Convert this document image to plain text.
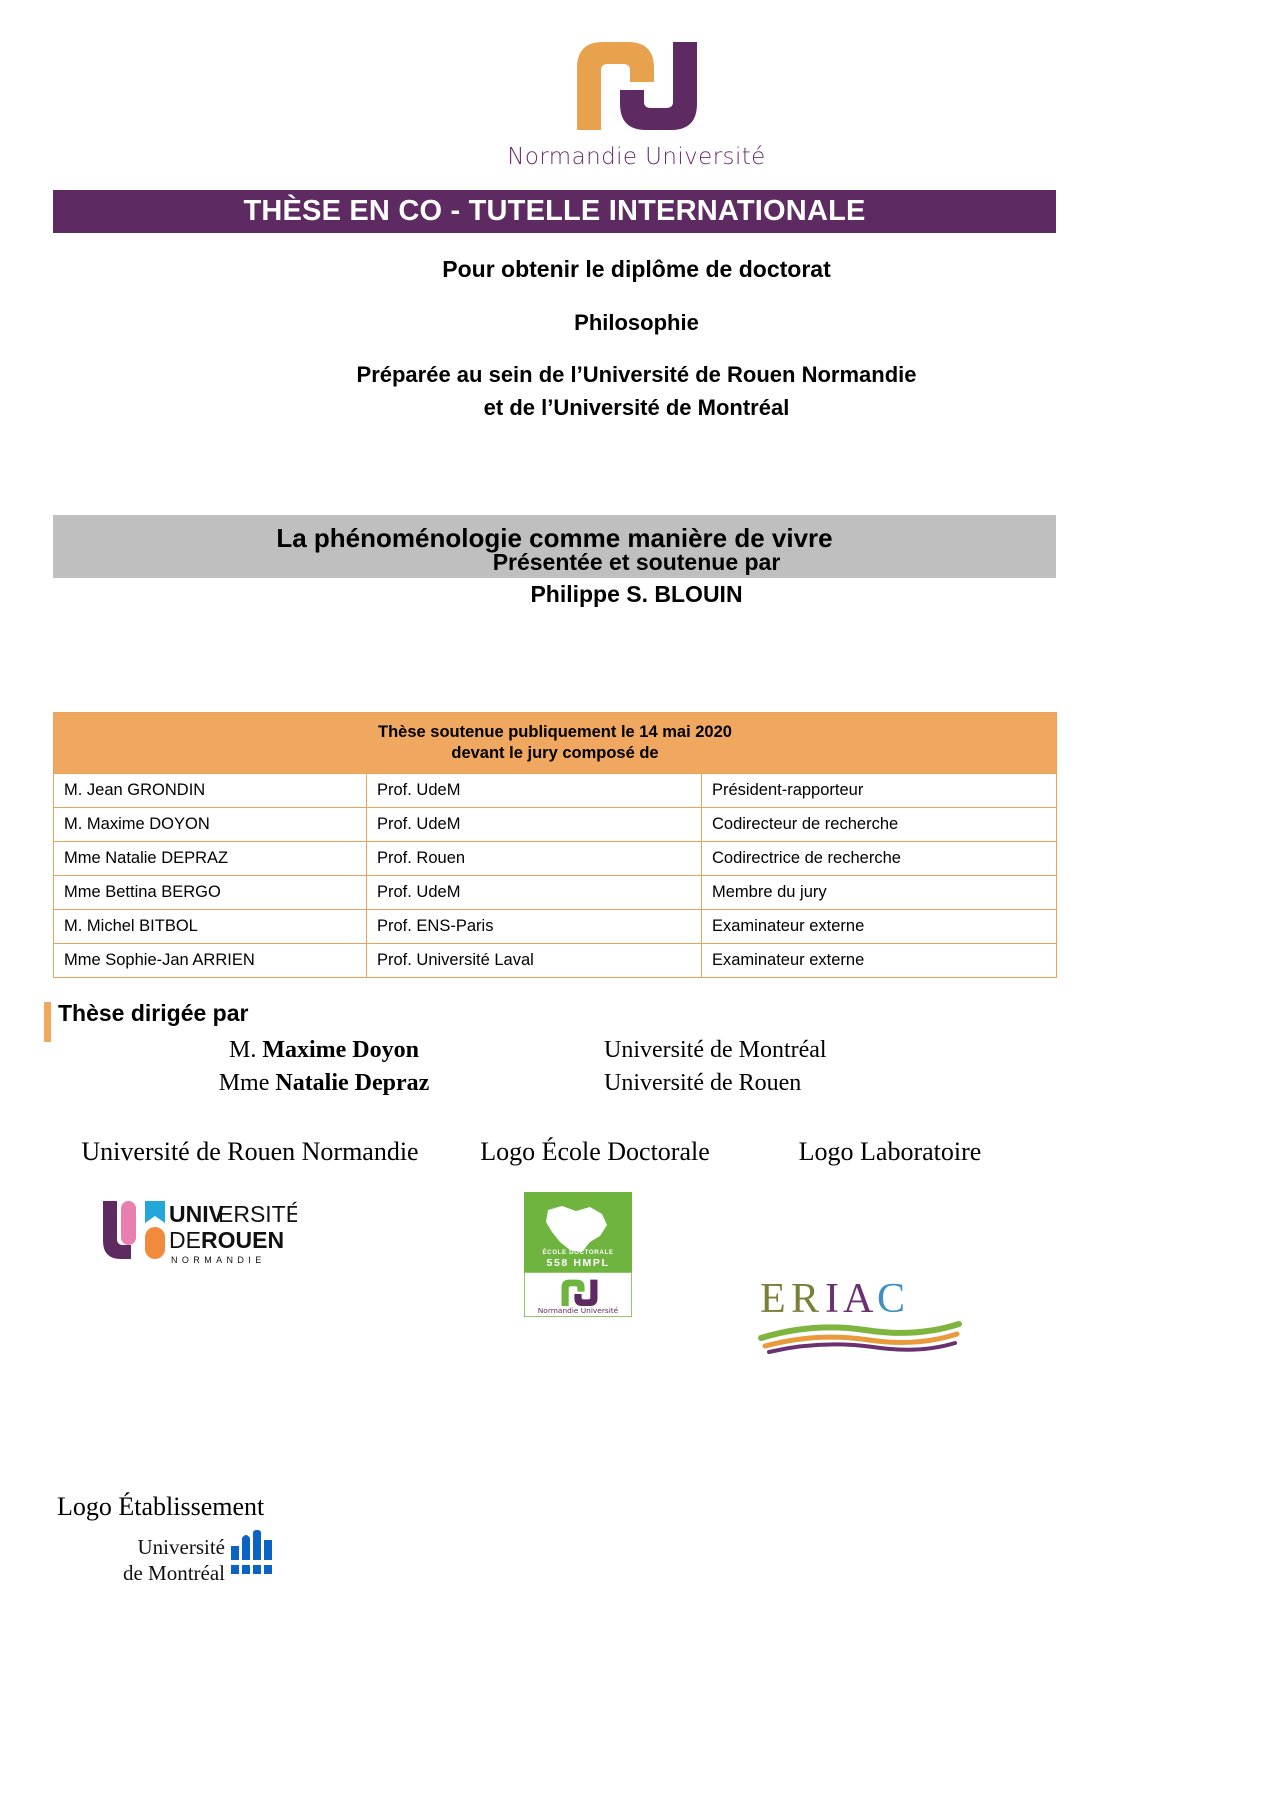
Normandie Université
THÈSE EN CO - TUTELLE INTERNATIONALE
Pour obtenir le diplôme de doctorat
Philosophie
Préparée au sein de l’Université de Rouen Normandie
et de l’Université de Montréal
La phénoménologie comme manière de vivre
Présentée et soutenue par
Philippe S. BLOUIN
Thèse soutenue publiquement le 14 mai 2020
devant le jury composé de		

M. Jean GRONDIN	Prof. UdeM	Président-rapporteur
M. Maxime DOYON	Prof. UdeM	Codirecteur de recherche
Mme Natalie DEPRAZ	Prof. Rouen	Codirectrice de recherche
Mme Bettina BERGO	Prof. UdeM	Membre du jury
M. Michel BITBOL	Prof. ENS-Paris	Examinateur externe
Mme Sophie-Jan ARRIEN	Prof. Université Laval	Examinateur externe
Thèse dirigée par
M. Maxime Doyon	Université de Montréal
Mme Natalie Depraz	Université de Rouen
Université de Rouen Normandie	Logo École Doctorale	Logo Laboratoire
UNIV
ERSITÉ
DE ROUEN
NORMANDIE
ÉCOLE DOCTORALE
558 HMPL
Normandie Université	E R I A C
Logo Établissement
Université
de Montréal
